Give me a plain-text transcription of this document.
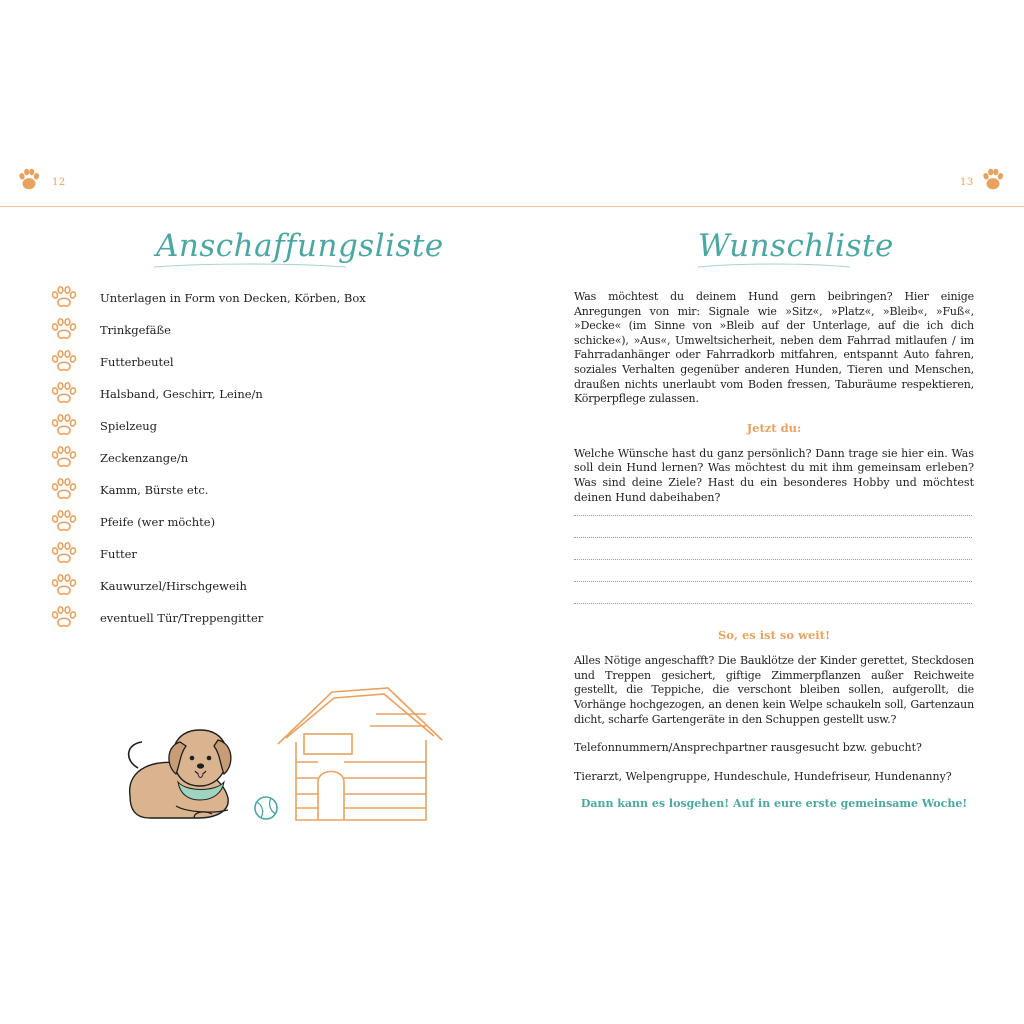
12	13
Anschaffungsliste
Unterlagen in Form von Decken, Körben, Box
Trinkgefäße
Futterbeutel
Halsband, Geschirr, Leine/n
Spielzeug
Zeckenzange/n
Kamm, Bürste etc.
Pfeife (wer möchte)
Futter
Kauwurzel/Hirschgeweih
eventuell Tür/Treppengitter
Wunschliste

Was möchtest du deinem Hund gern beibringen? Hier einige Anregungen von mir: Signale wie »Sitz«, »Platz«, »Bleib«, »Fuß«, »Decke« (im Sinne von »Bleib auf der Unterlage, auf die ich dich schicke«), »Aus«, Umweltsicherheit, neben dem Fahrrad mitlaufen / im Fahrradanhänger oder Fahrradkorb mitfahren, entspannt Auto fahren, soziales Verhalten gegenüber anderen Hunden, Tieren und Menschen, draußen nichts unerlaubt vom Boden fressen, Taburäume respektieren, Körperpflege zulassen.

Jetzt du:

Welche Wünsche hast du ganz persönlich? Dann trage sie hier ein. Was soll dein Hund lernen? Was möchtest du mit ihm gemeinsam erleben? Was sind deine Ziele? Hast du ein besonderes Hobby und möchtest deinen Hund dabeihaben?

So, es ist so weit!

Alles Nötige angeschafft? Die Bauklötze der Kinder gerettet, Steckdosen und Treppen gesichert, giftige Zimmerpflanzen außer Reichweite gestellt, die Teppiche, die verschont bleiben sollen, aufgerollt, die Vorhänge hochgezogen, an denen kein Welpe schaukeln soll, Gartenzaun dicht, scharfe Gartengeräte in den Schuppen gestellt usw.?

Telefonnummern/Ansprechpartner rausgesucht bzw. gebucht?

Tierarzt, Welpengruppe, Hundeschule, Hundefriseur, Hundenanny?

Dann kann es losgehen! Auf in eure erste gemeinsame Woche!
